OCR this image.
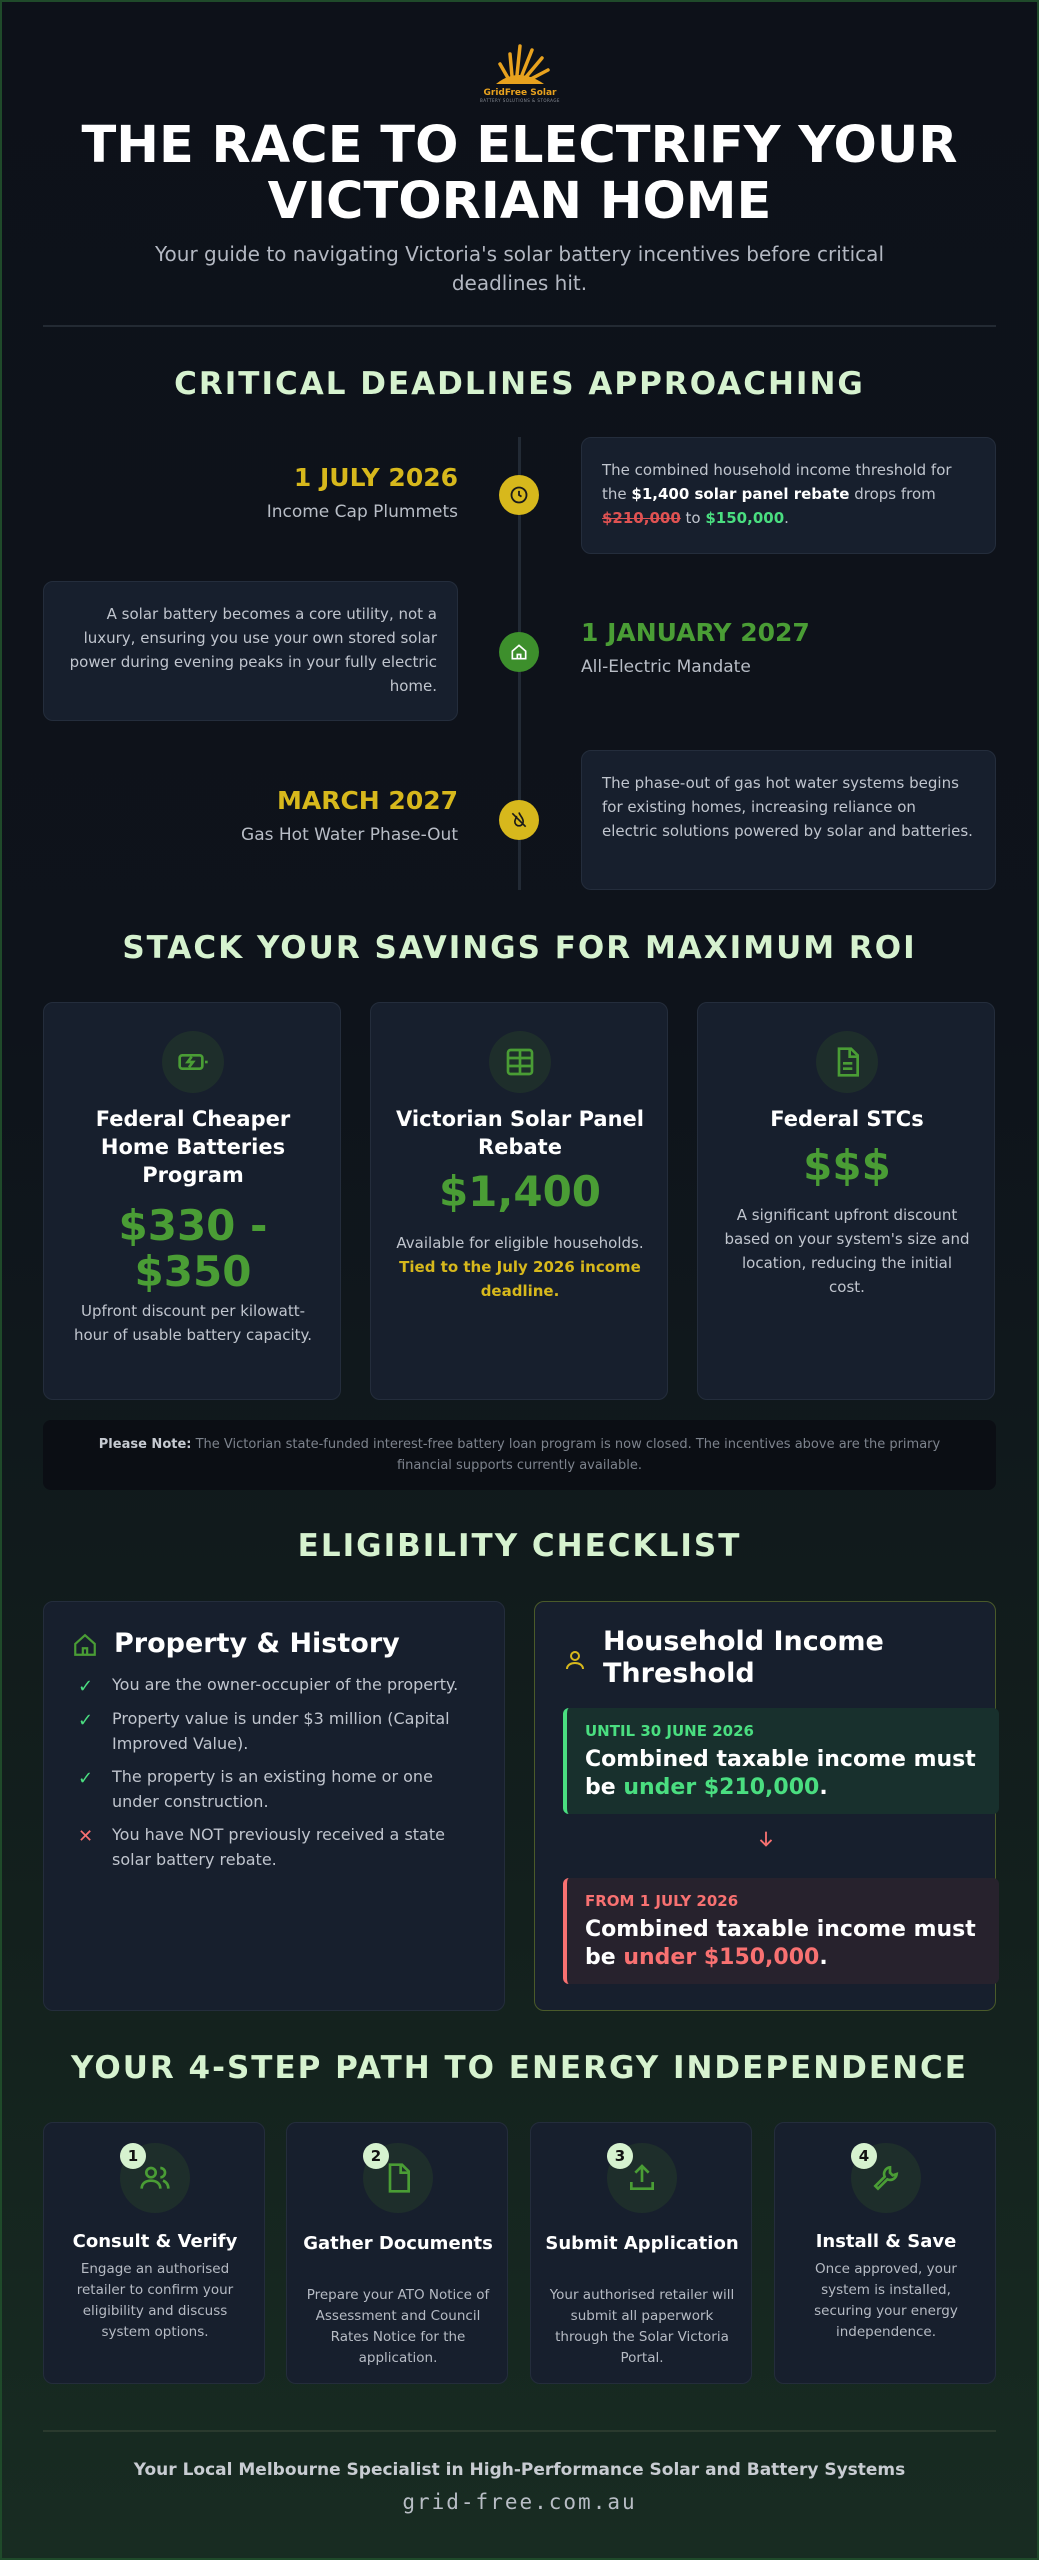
GridFree Solar
BATTERY SOLUTIONS & STORAGE
THE RACE TO ELECTRIFY YOUR
VICTORIAN HOME
Your guide to navigating Victoria's solar battery incentives before critical deadlines hit.
CRITICAL DEADLINES APPROACHING
1 JULY 2026
Income Cap Plummets
The combined household income threshold for the $1,400 solar panel rebate drops from $210,000 to $150,000.
A solar battery becomes a core utility, not a luxury, ensuring you use your own stored solar power during evening peaks in your fully electric home.
1 JANUARY 2027
All-Electric Mandate
MARCH 2027
Gas Hot Water Phase-Out
The phase-out of gas hot water systems begins for existing homes, increasing reliance on electric solutions powered by solar and batteries.
STACK YOUR SAVINGS FOR MAXIMUM ROI
Federal Cheaper Home Batteries Program
$330 - $350
Upfront discount per kilowatt-hour of usable battery capacity.
Victorian Solar Panel Rebate
$1,400
Available for eligible households. Tied to the July 2026 income deadline.
Federal STCs
$$$
A significant upfront discount based on your system's size and location, reducing the initial cost.
Please Note: The Victorian state-funded interest-free battery loan program is now closed. The incentives above are the primary financial supports currently available.
ELIGIBILITY CHECKLIST
Property & History
✓	You are the owner-occupier of the property.
✓	Property value is under $3 million (Capital Improved Value).
✓	The property is an existing home or one under construction.
✕	You have NOT previously received a state solar battery rebate.
Household Income
Threshold
UNTIL 30 JUNE 2026
Combined taxable income must be under $210,000.
FROM 1 JULY 2026
Combined taxable income must be under $150,000.
YOUR 4-STEP PATH TO ENERGY INDEPENDENCE
1
Consult & Verify
Engage an authorised retailer to confirm your eligibility and discuss system options.
2
Gather Documents
Prepare your ATO Notice of Assessment and Council Rates Notice for the application.
3
Submit Application
Your authorised retailer will submit all paperwork through the Solar Victoria Portal.
4
Install & Save
Once approved, your system is installed, securing your energy independence.
Your Local Melbourne Specialist in High-Performance Solar and Battery Systems
grid-free.com.au
